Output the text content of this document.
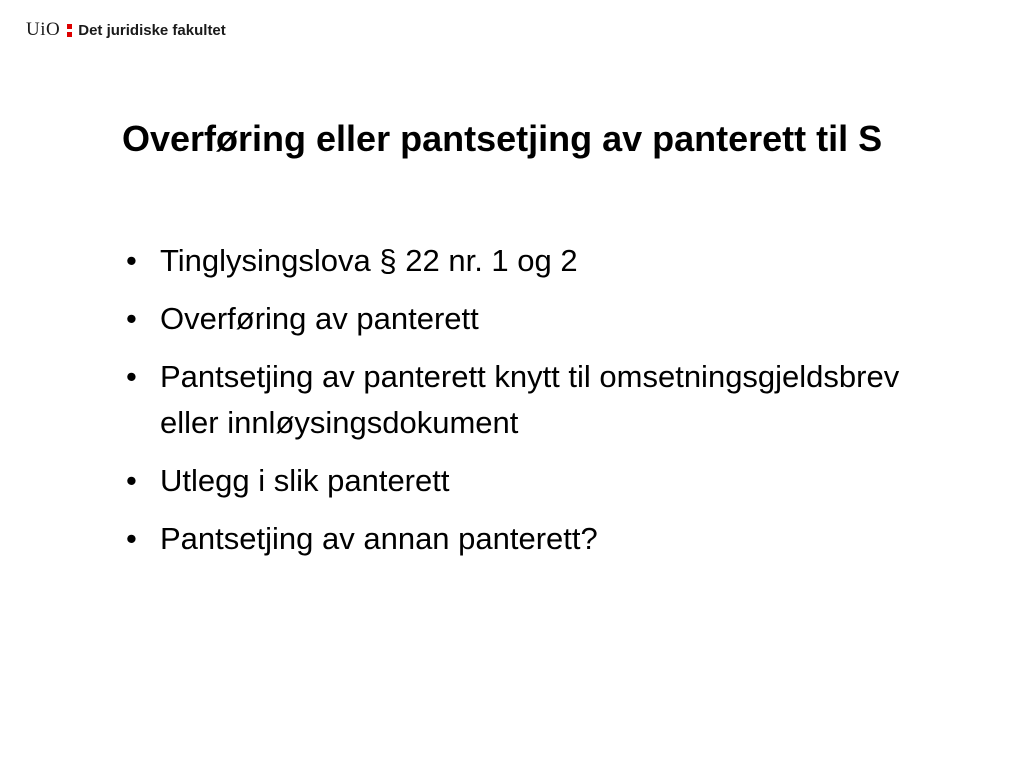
UiO Det juridiske fakultet
Overføring eller pantsetjing av panterett til S
• Tinglysingslova § 22 nr. 1 og 2
• Overføring av panterett
• Pantsetjing av panterett knytt til omsetningsgjeldsbrev eller innløysingsdokument
• Utlegg i slik panterett
• Pantsetjing av annan panterett?
